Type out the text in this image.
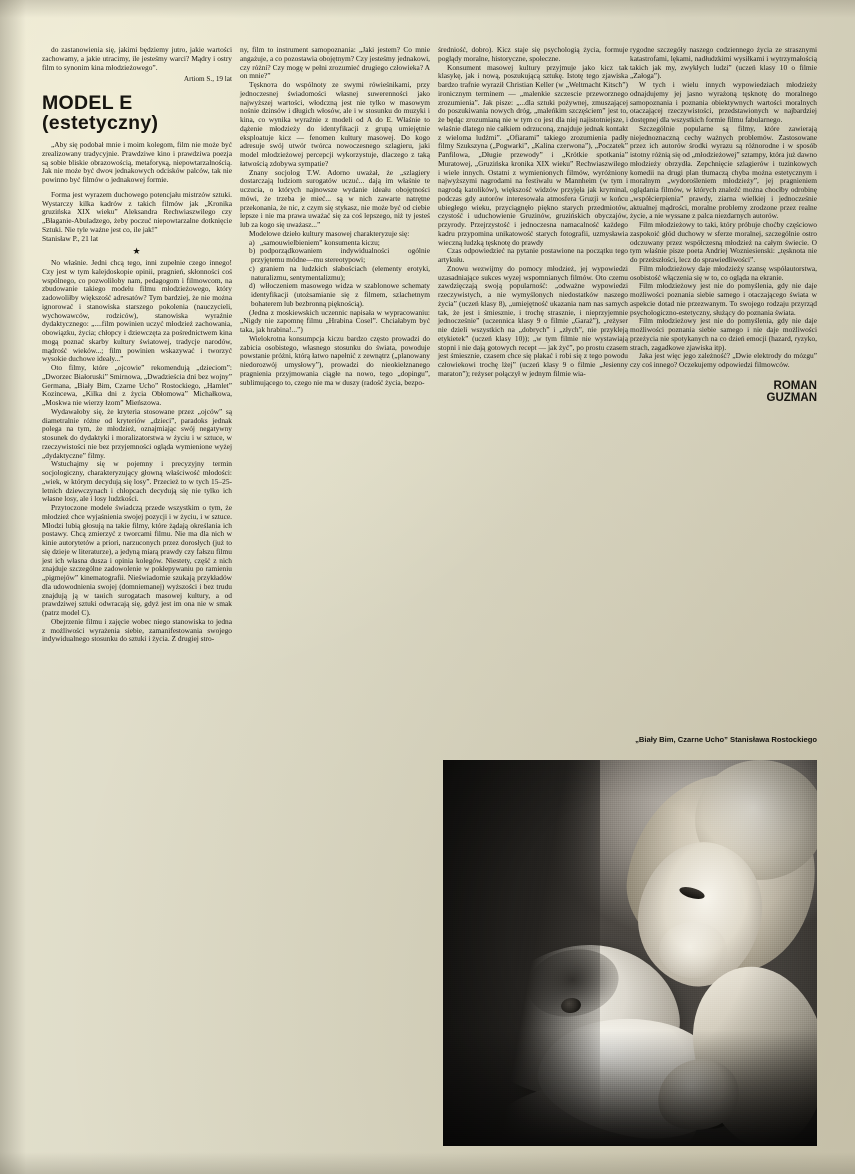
do zastanowienia się, jakimi będziemy jutro, jakie wartości zachowamy, a jakie utracimy, ile jesteśmy warci? Mądry i ostry film to synonim kina młodzieżowego”.

Artiom S., 19 lat
MODEL E
(estetyczny)

„Aby się podobał mnie i moim kolegom, film nie może być zrealizowany tradycyjnie. Prawdziwe kino i prawdziwa poezja są sobie bliskie obrazowością, metaforyкą, niepowtarzalnością. Jak nie może być dwoч jednakowych odcisków palców, tak nie powinno być filmów o jednakowej formie.

Forma jest wyrazem duchowego potencjału mistrzów sztuki. Wystarczy kilka kadrów z takich filmów jak „Kronika gruzińska XIX wieku” Aleksandra Rechwiaszwilego czy „Błaganie-Abuladzego, żeby poczuć niepowtarzalne dotknięcie Sztuki. Nie tyle ważne jest co, ile jak!”

Stanisław P., 21 lat

★

No właśnie. Jedni chcą tego, inni zupełnie czego innego! Czy jest w tym kalejdoskopie opinii, pragnień, skłonności coś wspólnego, co pozwoliłoby nam, pedagogom i filmowcom, na zbudowanie takiego modelu filmu młodzieżowego, który zadowoliłby większość adresatów? Tym bardziej, że nie można ignorować i stanowiska starszego pokolenia (nauczycieli, wychowawców, rodziców), stanowiska wyraźnie dydaktycznego: „....film powinien uczyć młodzież zachowania, obowiązku, życia; chłopcy i dziewczęta za pośrednictwem kina mogą poznać skarby kultury światowej, tradycje narodów, mądrość wieków...; film powinien wskazywać i tworzyć wysokie duchowe ideały...”

Oto filmy, które „ojcowie” rekomendują „dzieciom”: „Dworzec Białoruski” Smirnowa, „Dwadzieścia dni bez wojny” Germana, „Biały Bim, Czarne Ucho” Rostockiego, „Hamlet” Kozincewa, „Kilka dni z życia Obłomowa” Michałkowa, „Moskwa nie wierzy łzom” Mieńszowa.

Wydawałoby się, że kryteria stosowane przez „ojców” są diametralnie różne od kryteriów „dzieci”, paradoks jednak polega na tym, że młodzież, oznajmiając swój negatywny stosunek do dydaktyki i moralizatorstwa w życiu i w sztuce, w rzeczywistości nie bez przyjemności ogląda wymienione wyżej „dydaktyczne” filmy.

Wstuchajmy się w pojemny i precyzyjny termin socjologiczny, charakteryzujący głowną właściwość młodości: „wiek, w którym decydują się losy”. Przecież to w tych 15–25-letnich dziewczynach i chłopcach decydują się nie tylko ich własne losy, ale i losy ludzkości.

Przytoczone modele świadczą przede wszystkim o tym, że młodzież chce wyjaśnienia swojej pozycji i w życiu, i w sztuce. Młodzi lubią głosują na takie filmy, które żądają określania ich postawy. Chcą zmierzyć z tworcami filmu. Nie ma dla nich w kinie autorytetów a priori, narzuconych przez dorosłych (już to się dzieje w literaturze), a jedyną miarą prawdy czy fałszu filmu jest ich własna dusza i opinia kolegów. Niestety, część z nich znajduje szczególne zadowolenie w pokłepywaniu po ramieniu „pigmejów” kinematografii. Nieświadomie szukają przykładów dla udowodnienia swojej (domniemanej) wyższości i bez trudu znajdują ją w taнich surogatach masowej kultury, a od prawdziwej sztuki odwracają się, gdyż jest im ona nie w smak (patrz model C).

Obejrzenie filmu i zajęcie wobec niego stanowiska to jedna z możliwości wyrażenia siebie, zamanifestowania swojego indywidualnego stosunku do sztuki i życia. Z drugiej stro-

ny, film to instrument samopoznania: „Jaki jestem? Co mnie angażuje, a co pozostawia obojętnym? Czy jesteśmy jednakowi, czy różni? Czy mogę w pełni zrozumieć drugiego człowieka? A on mnie?”

Tęsknoтa do wspólnoty ze swymi rówieśnikami, przy jednoczesnej świadomości własnej suwerenności jako najwyższej wartości, włodczną jest nie tylko w masowym nośnie dzinsów i długich włosów, ale i w stosunku do muzyki i kina, co wynika wyraźnie z modeli od A do E. Właśnie to dążenie młodzieży do identyfikacji z grupą umiejętnie eksploatuje kicz — fenomen kultury masowej. Do kogo adresuje swój utwór twórca nowoczesnego szlagieru, jaki model młodzieżowej percepcji wykorzystuje, dlaczego z taką łatwością zdobywa sympatie?

Znany socjolog T.W. Adorno uważał, że „szlagiery dostarczają ludziom surogatów uczuć... dają im właśnie te uczucia, o których najnowsze wydanie ideału obojętności mówi, że trzeba je mieć... są w nich zawarte natrętne przekonania, że nic, z czym się stykasz, nie może być od ciebie lepsze i nie ma prawa uważać się za coś lepszego, niż ty jesteś lub za kogo się uważasz...”

Modelowe dzieło kultury masowej charakteryzuje się:

a) „samouwielbieniem” konsumenta kiczu;

b) podporządkowaniem indywidualności ogólnie przyjętemu módne—mu stereotypowi;

c) graniem na ludzkich słabościach (elementy erotyki, naturalizmu, sentymentalizmu);

d) włłoczeniem masowego widza w szablonowe schematy identyfikacji (utożsamianie się z filmem, szlachetnym bohaterem lub bezbronną pięknością).

(Jedna z moskiewskich uczennic napisała w wypracowaniu: „Nigdy nie zapomnę filmu „Hrabina Cosel”. Chciałabym być taka, jak hrabina!...”)

Wielokrotna konsumpcja kiczu bardzo często prowadzi do zabicia osobistego, własnego stosunku do świata, powoduje powstanie próżni, którą łatwo napełnić z zewnątrz („planowany niedorozwój umysłowy”), prowadzi do nieokiełznanego pragnienia przyjmowania ciągłe na nowo, tego „dopingu”, sublimującego to, czego nie ma w duszy (radość życia, bezpo-

średniość, dobro). Kicz staje się psychologią życia, formuje poglądy moralne, historyczne, społeczne.

Konsument masowej kultury przyjmuje jako kicz tak klasykę, jak i nową, poszukującą sztukę. Istotę tego zjawiska bardzo trafnie wyraził Christian Keller (w „Weltmacht Kitsch”) ironicznym terminem — „malenkie szczescie przeworznego zrozumienia”. Jak pisze: „...dla sztuki pożywnej, zmuszającej do poszukiwania nowych dróg, „maleńkim szczęściem” jest to, że będąc zrozumianą nie w tym co jest dla niej najistotniejsze, i właśnie dlatego nie całkiem odrzuconą, znajduje jednak kontakt z wieloma ludźmi”. „Ofiarami” takiego zrozumienia padły filmy Szukszyna („Pogwarki”, „Kalina czerwona”), „Poczatek” Panfilowa, „Długie przewody” i „Krótkie spotkania” Muratowej, „Gruzińska kronika XIX wieku” Rechwiaszwilego i wiele innych. Ostatni z wymienionych filmów, wyróżniony najwyższymi nagrodami na festiwalu w Mannheim (w tym i nagrodą katolików), większоść widzów przyjęła jak kryminal, podczas gdy autorów interesowała atmosfera Gruzji w końcu ubiegłego wieku, przyciągnęło piękno starych przedmiotów, czystość i uduchowienie Gruzinów, gruzińskich obyczajów, przyrody. Przejrzystość i jednoczesna namacalność każdego kadru przypomina unikatowość starych fotografii, uzmysławia wieczną ludzką tęsknotę do prawdy

Czas odpowiedzieć na pytanie postawione na początku tego artykułu.

Znowu wezwijmy do pomocy młodzież, jej wypowiedzi uzasadniające sukces wyzej wspomnianych filmów. Oto czemu zawdzięczają swoją popularność: „odważne wypowiedzi rzeczywistych, a nie wymyślonych niedostatków naszego życia” (uczeń klasy 8), „umiejętność ukazania nam nas samych tak, że jest i śmiesznie, i trochę strasznie, i nieprzyjemnie jednocześnie” (uczennica klasy 9 o filmie „Garaż”), „reżyser nie dzieli wszystkich na „dobrych” i „złych”, nie przykleją etykietek” (uczeń klasy 10)); „w tym filmie nie wystawiają stopni i nie dają gotowych recept — jak żyć”, po prostu czasem jest śmiesznie, czasem chce się płakać i robi się z tego powodu człowiekowi trochę lżej” (uczeń klasy 9 o filmie „Jesienny maraton”); reżyser połączył w jednym filmie wia-

rygodne szczegóły naszego codziennego życia ze strasznymi katastrofami, lękami, nadłudzkimi wysiłkami i wytrzymałością takich jak my, zwykłych ludzi” (uczeń klasy 10 o filmie „Załoga”).

W tych i wielu innych wypowiedziach młodzieży odnajdujemy jej jasno wyrażoną tęsknotę do moralnego samopoznania i poznania obiektywnych wartości moralnych otaczającej rzeczywistości, przedstawionych w najbardziej dostępnej dla wszystkich formie filmu fabularnego.

Szczególnie popularne są filmy, które zawierają niejednoznaczną cechy ważnych problemów. Zastosowane przez ich autorów środki wyrazu są różnorodne i w sposób istotny różnią się od „młodzieżowej” sztampy, która już dawno młodzieży obrzydła. Zepchnięcie szlagierów i tuzinkowych komedii na drugi plan tłumaczą chyba można estetycznym i moralnym „wydorośleniem młodzieży”, jej pragnieniem oglądania filmów, w których znaleźć można chocłby odrobinę „współcierpienia” prawdy, ziarna wielkiej i jednocześnie aktualnej mądrości, moralne problemy zrodzone przez realne życie, a nie wyssane z palca niezdarnych autorów.

Film młodzieżowy to taki, który próbuje choćby częściowo zaspokoić głód duchowy w sferze moralnej, szczególnie ostro odczuwany przez współczesną młodzież na całym świecie. O tym właśnie pisze poeta Andriej Wozniesienski: „tęsknota nie do przeższłości, lecz do sprawiedliwości”.

Film młodzieżowy daje młodzieży szansę współautorstwa, osobistość włączenia się w to, co ogląda na ekranie.

Film młodzieżowy jest nie do pomyślenia, gdy nie daje możliwości poznania siebie samego i otaczającego świata w aspekcie dotad nie przezwanym. To swojego rodzaju przyrząd psychologiczno-estetyczny, służący do poznania świata.

Film młodzieżowy jest nie do pomyślenia, gdy nie daje możliwości poznania siebie samego i nie daje możliwości przeżycia nie spotykanych na co dzień emocji (hazard, ryzyko, strach, zagadkowe zjawiska itp).

Jaka jest więc jego zależność? „Dwie elektrody do mózgu” czy coś innego? Oczekujemy odpowiedzi filmowców.

ROMAN
GUZMAN
„Biały Bim, Czarne Ucho” Stanisława Rostockiego
